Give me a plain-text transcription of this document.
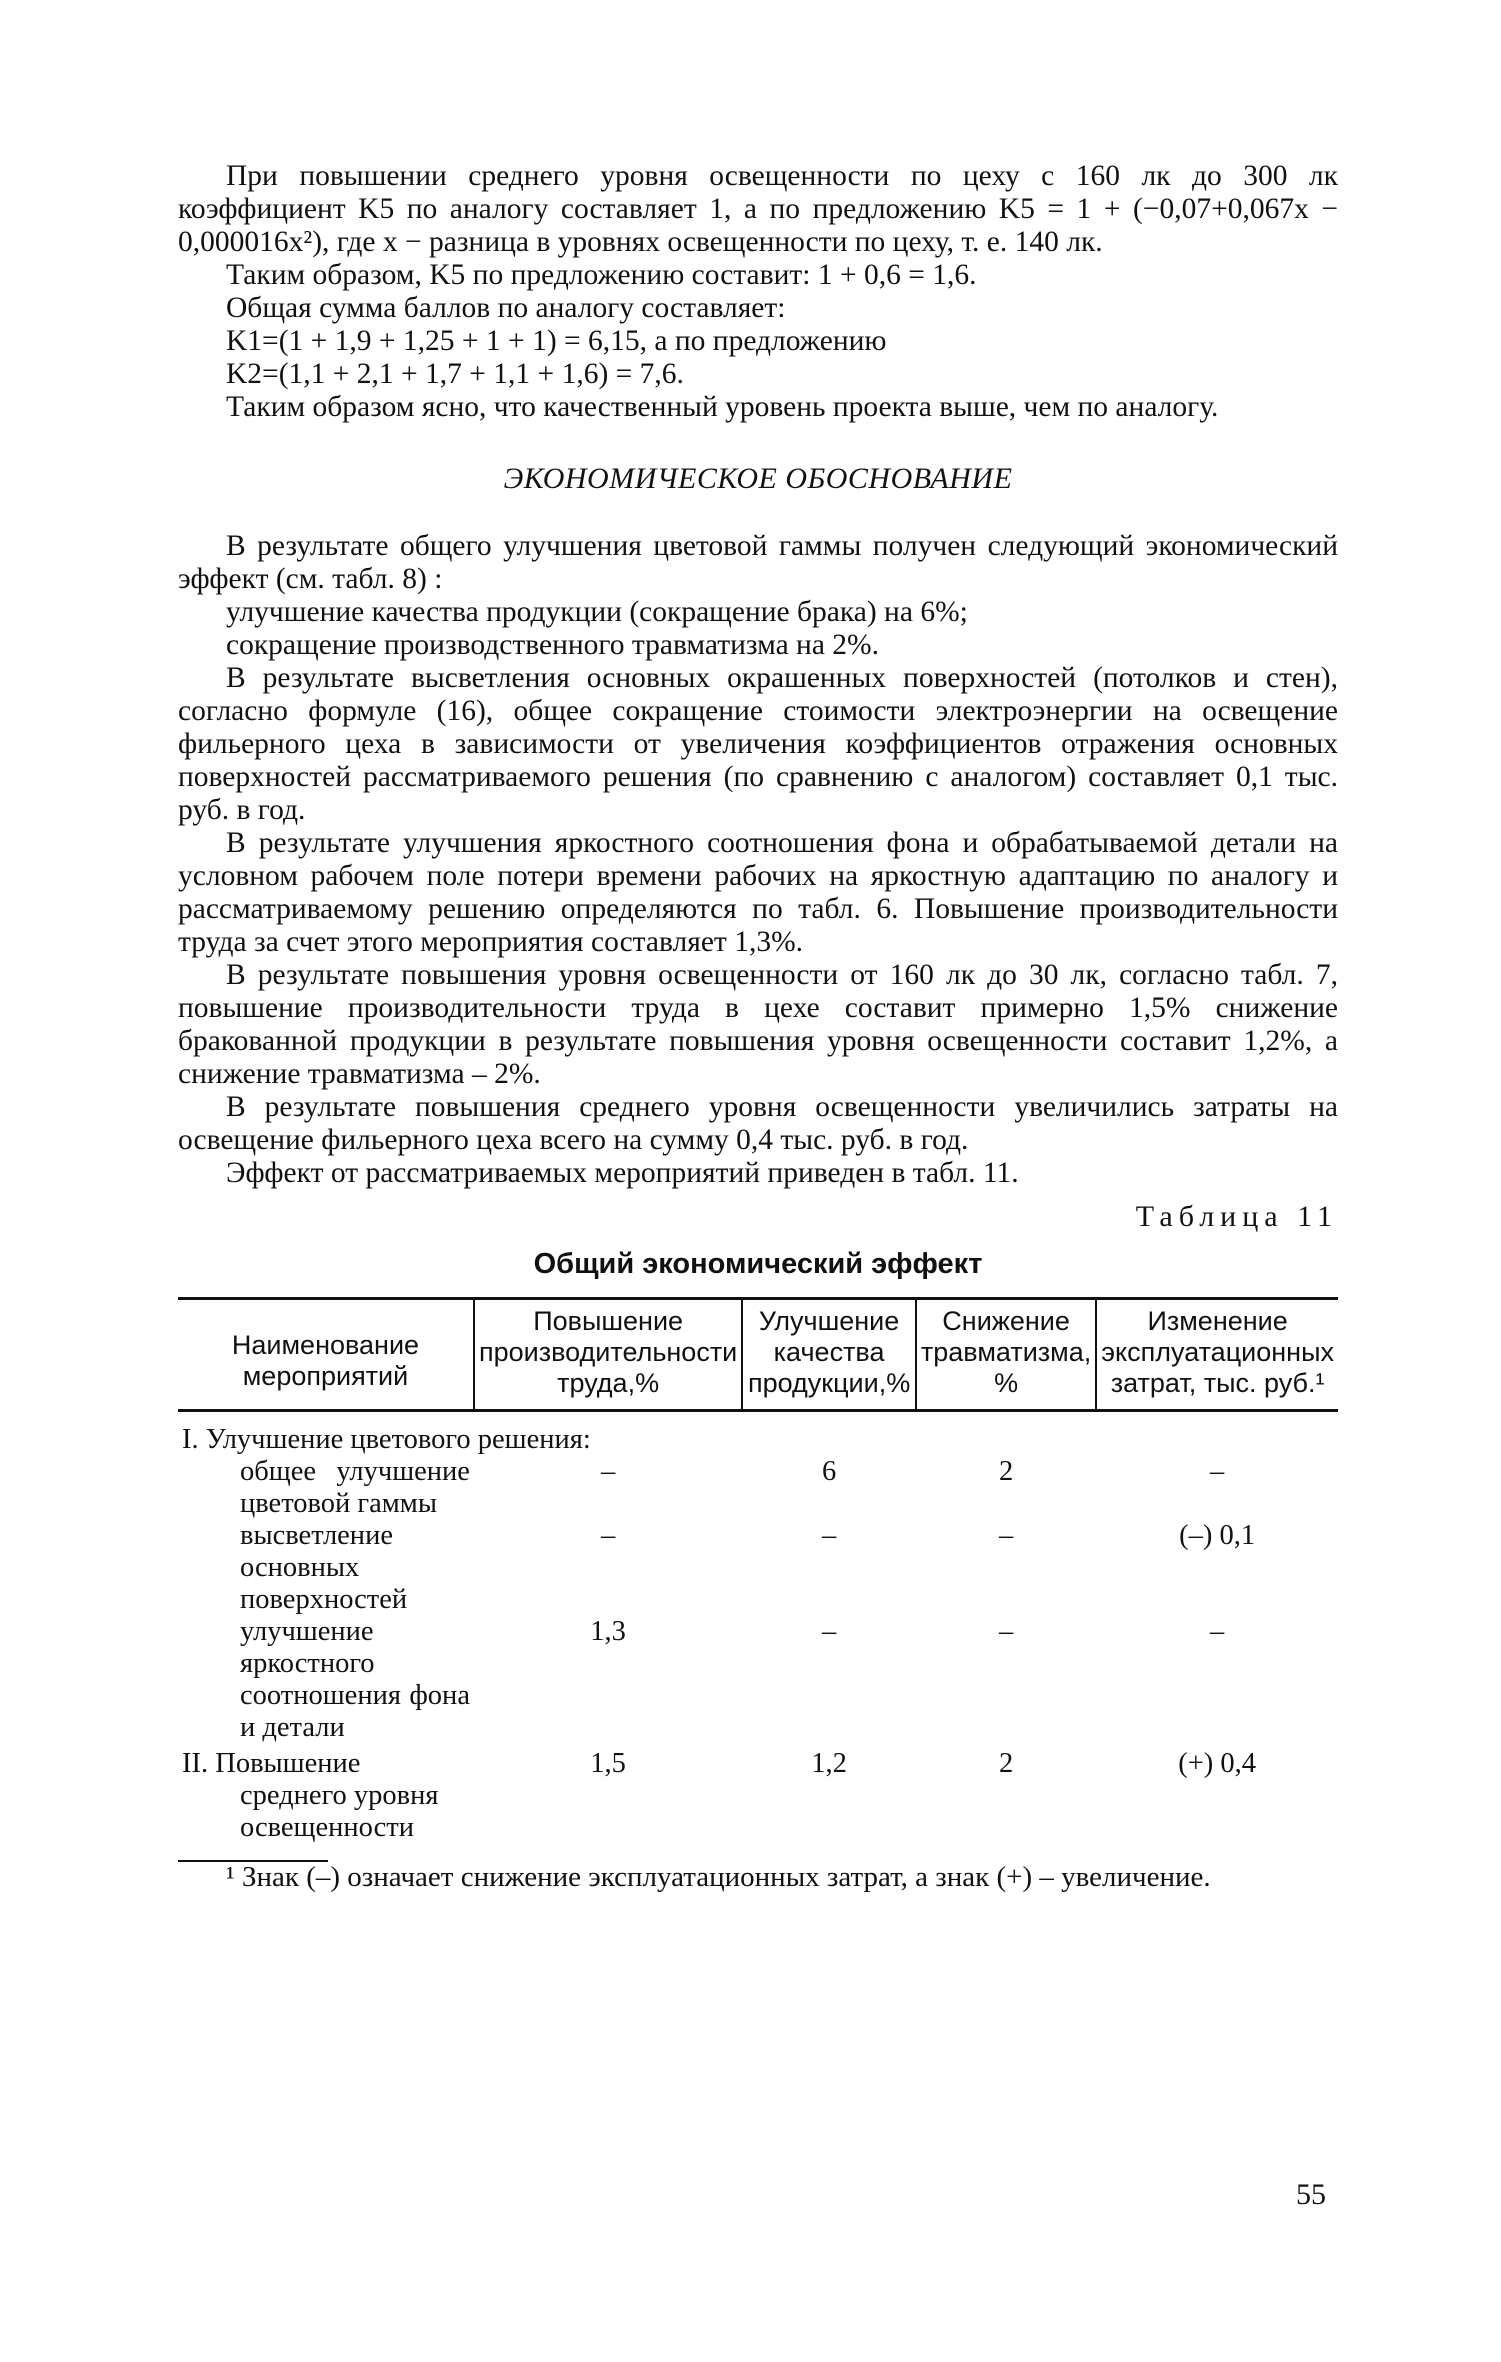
При повышении среднего уровня освещенности по цеху с 160 лк до 300 лк коэффициент K5 по аналогу составляет 1, а по предложению K5 = 1 + (−0,07+0,067x − 0,000016x²), где x − разница в уровнях освещенности по цеху, т. е. 140 лк.

Таким образом, K5 по предложению составит: 1 + 0,6 = 1,6.

Общая сумма баллов по аналогу составляет:

K1=(1 + 1,9 + 1,25 + 1 + 1) = 6,15, а по предложению

K2=(1,1 + 2,1 + 1,7 + 1,1 + 1,6) = 7,6.

Таким образом ясно, что качественный уровень проекта выше, чем по аналогу.

ЭКОНОМИЧЕСКОЕ ОБОСНОВАНИЕ

В результате общего улучшения цветовой гаммы получен следующий экономический эффект (см. табл. 8) :

улучшение качества продукции (сокращение брака) на 6%;

сокращение производственного травматизма на 2%.

В результате высветления основных окрашенных поверхностей (потолков и стен), согласно формуле (16), общее сокращение стоимости электроэнергии на освещение фильерного цеха в зависимости от увеличения коэффициентов отражения основных поверхностей рассматриваемого решения (по сравнению с аналогом) составляет 0,1 тыс. руб. в год.

В результате улучшения яркостного соотношения фона и обрабатываемой детали на условном рабочем поле потери времени рабочих на яркостную адаптацию по аналогу и рассматриваемому решению определяются по табл. 6. Повышение производительности труда за счет этого мероприятия составляет 1,3%.

В результате повышения уровня освещенности от 160 лк до 30 лк, согласно табл. 7, повышение производительности труда в цехе составит примерно 1,5% снижение бракованной продукции в результате повышения уровня освещенности составит 1,2%, а снижение травматизма – 2%.

В результате повышения среднего уровня освещенности увеличились затраты на освещение фильерного цеха всего на сумму 0,4 тыс. руб. в год.

Эффект от рассматриваемых мероприятий приведен в табл. 11.

Таблица 11
Общий экономический эффект
Наименование мероприятий	Повышение производительности труда,%	Улучшение качества продукции,%	Снижение травматизма, %	Изменение эксплуатационных затрат, тыс. руб.¹

I. Улучшение цветового решения:				

общее улучшение цветовой гаммы	–	6	2	–

высветление основных поверхностей	–	–	–	(–) 0,1

улучшение яркостного соотношения фона и детали	1,3	–	–	–

II. Повышение среднего уровня освещенности	1,5	1,2	2	(+) 0,4

¹ Знак (–) означает снижение эксплуатационных затрат, а знак (+) – увеличение.

55
